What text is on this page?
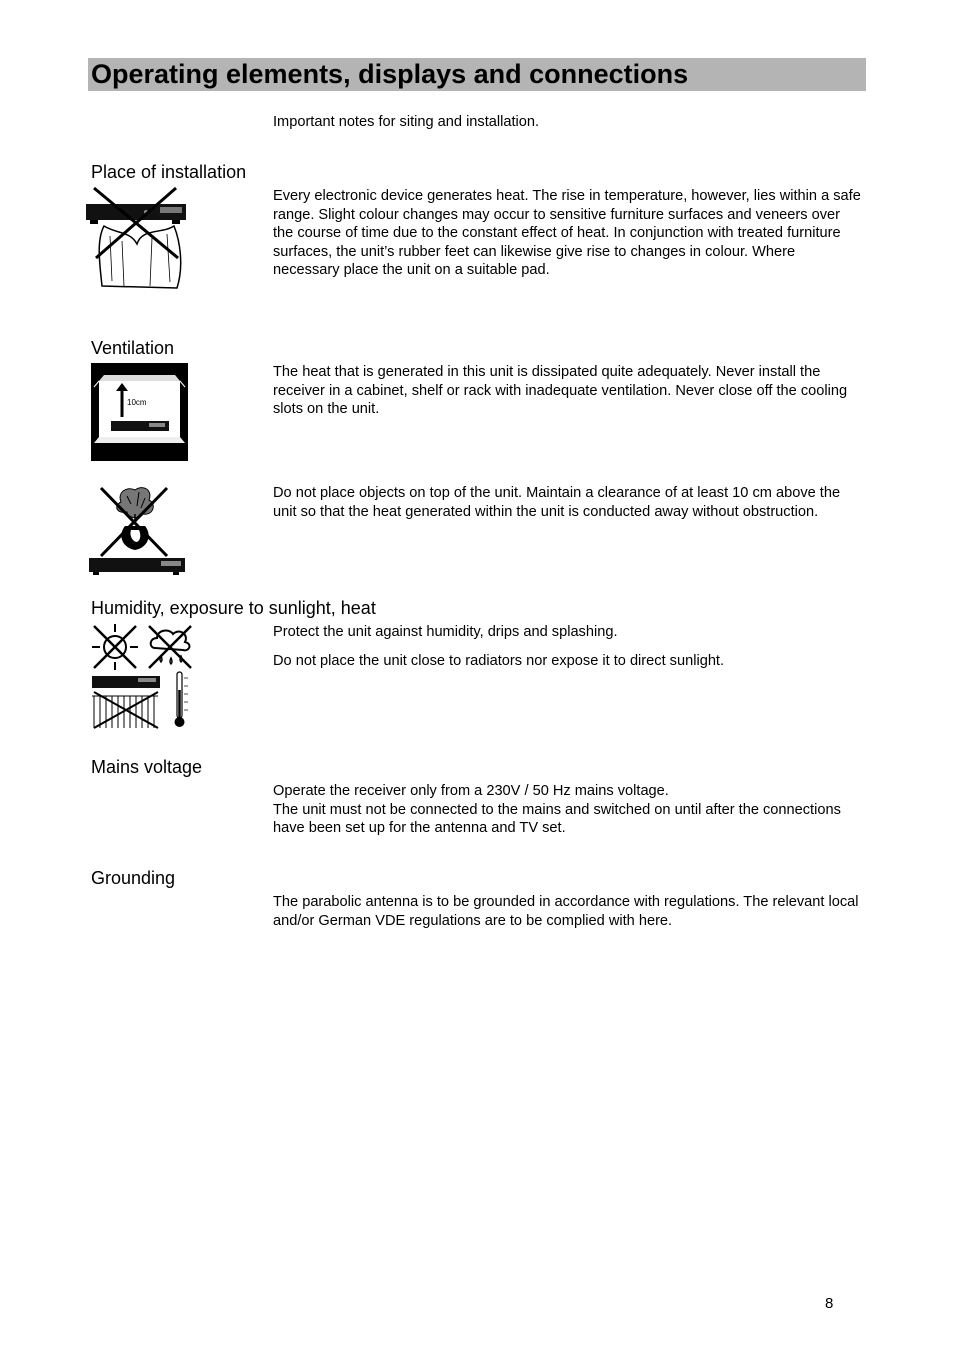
Operating elements, displays and connections

Important notes for siting and installation.

Place of installation

Every electronic device generates heat. The rise in temperature, however, lies within a safe range. Slight colour changes may occur to sensitive furniture surfaces and veneers over the course of time due to the constant effect of heat. In conjunction with treated furniture surfaces, the unit’s rubber feet can likewise give rise to changes in colour. Where necessary place the unit on a suitable pad.

Ventilation
10cm

The heat that is generated in this unit is dissipated quite adequately. Never install the receiver in a cabinet, shelf or rack with inadequate ventilation. Never close off the cooling slots on the unit.

Do not place objects on top of the unit. Maintain a clearance of at least 10 cm above the unit so that the heat generated within the unit is conducted away without obstruction.

Humidity, exposure to sunlight, heat

Protect the unit against humidity, drips and splashing.

Do not place the unit close to radiators nor expose it to direct sunlight.

Mains voltage

Operate the receiver only from a 230V / 50 Hz mains voltage.

The unit must not be connected to the mains and switched on until after the connections have been set up for the antenna and TV set.

Grounding

The parabolic antenna is to be grounded in accordance with regulations. The relevant local and/or German VDE regulations are to be complied with here.

8
